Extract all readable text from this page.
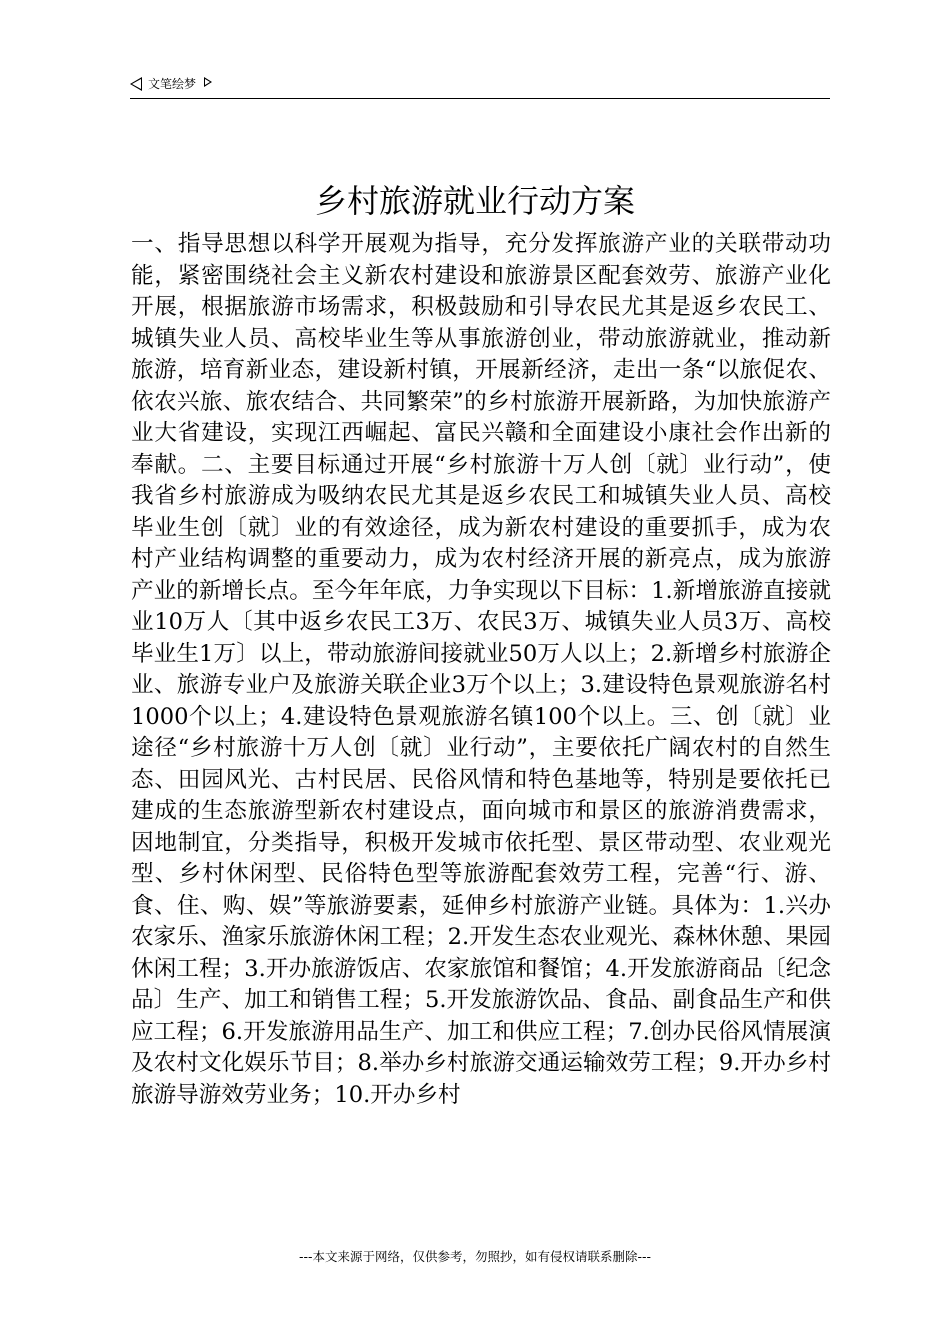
文笔绘梦
乡村旅游就业行动方案

一、指导思想以科学开展观为指导，充分发挥旅游产业的关联带动功能，紧密围绕社会主义新农村建设和旅游景区配套效劳、旅游产业化开展，根据旅游市场需求，积极鼓励和引导农民尤其是返乡农民工、城镇失业人员、高校毕业生等从事旅游创业，带动旅游就业，推动新旅游，培育新业态，建设新村镇，开展新经济，走出一条“以旅促农、依农兴旅、旅农结合、共同繁荣”的乡村旅游开展新路，为加快旅游产业大省建设，实现江西崛起、富民兴赣和全面建设小康社会作出新的奉献。二、主要目标通过开展“乡村旅游十万人创〔就〕业行动”，使我省乡村旅游成为吸纳农民尤其是返乡农民工和城镇失业人员、高校毕业生创〔就〕业的有效途径，成为新农村建设的重要抓手，成为农村产业结构调整的重要动力，成为农村经济开展的新亮点，成为旅游产业的新增长点。至今年年底，力争实现以下目标：1.新增旅游直接就业10万人〔其中返乡农民工3万、农民3万、城镇失业人员3万、高校毕业生1万〕以上，带动旅游间接就业50万人以上；2.新增乡村旅游企业、旅游专业户及旅游关联企业3万个以上；3.建设特色景观旅游名村1000个以上；4.建设特色景观旅游名镇100个以上。三、创〔就〕业途径“乡村旅游十万人创〔就〕业行动”，主要依托广阔农村的自然生态、田园风光、古村民居、民俗风情和特色基地等，特别是要依托已建成的生态旅游型新农村建设点，面向城市和景区的旅游消费需求，因地制宜，分类指导，积极开发城市依托型、景区带动型、农业观光型、乡村休闲型、民俗特色型等旅游配套效劳工程，完善“行、游、食、住、购、娱”等旅游要素，延伸乡村旅游产业链。具体为：1.兴办农家乐、渔家乐旅游休闲工程；2.开发生态农业观光、森林休憩、果园休闲工程；3.开办旅游饭店、农家旅馆和餐馆；4.开发旅游商品〔纪念品〕生产、加工和销售工程；5.开发旅游饮品、食品、副食品生产和供应工程；6.开发旅游用品生产、加工和供应工程；7.创办民俗风情展演及农村文化娱乐节目；8.举办乡村旅游交通运输效劳工程；9.开办乡村旅游导游效劳业务；10.开办乡村

---本文来源于网络，仅供参考，勿照抄，如有侵权请联系删除---
